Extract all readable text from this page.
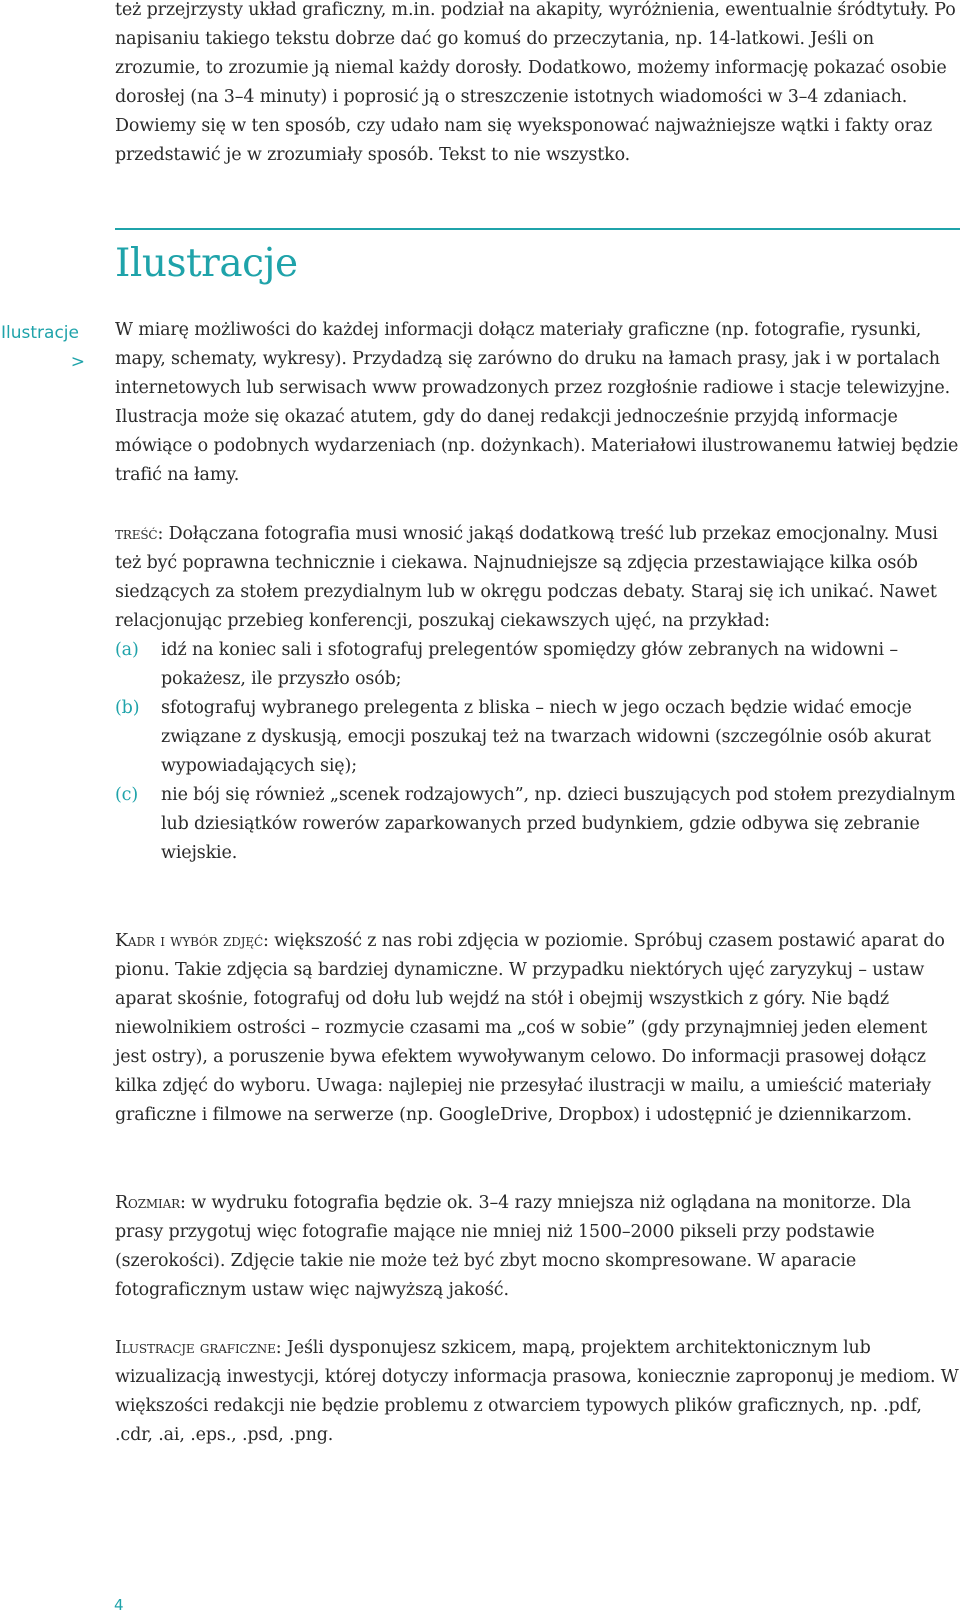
też przejrzysty układ graficzny, m.in. podział na akapity, wyróżnienia, ewentualnie śródtytuły. Po napisaniu takiego tekstu dobrze dać go komuś do przeczytania, np. 14-latkowi. Jeśli on zrozumie, to zrozumie ją niemal każdy dorosły. Dodatkowo, możemy informację pokazać osobie dorosłej (na 3–4 minuty) i poprosić ją o streszczenie istotnych wiadomości w 3–4 zdaniach. Dowiemy się w ten sposób, czy udało nam się wyeksponować najważniejsze wątki i fakty oraz przedstawić je w zrozumiały sposób. Tekst to nie wszystko.

Ilustracje
Ilustracje
>

W miarę możliwości do każdej informacji dołącz materiały graficzne (np. fotografie, rysunki, mapy, schematy, wykresy). Przydadzą się zarówno do druku na łamach prasy, jak i w portalach internetowych lub serwisach www prowadzonych przez rozgłośnie radiowe i stacje telewizyjne. Ilustracja może się okazać atutem, gdy do danej redakcji jednocześnie przyjdą informacje mówiące o podobnych wydarzeniach (np. dożynkach). Materiałowi ilustrowanemu łatwiej będzie trafić na łamy.

treść: Dołączana fotografia musi wnosić jakąś dodatkową treść lub przekaz emocjonalny. Musi też być poprawna technicznie i ciekawa. Najnudniejsze są zdjęcia przestawiające kilka osób siedzących za stołem prezydialnym lub w okręgu podczas debaty. Staraj się ich unikać. Nawet relacjonując przebieg konferencji, poszukaj ciekawszych ujęć, na przykład:

(a) idź na koniec sali i sfotografuj prelegentów spomiędzy głów zebranych na widowni – pokażesz, ile przyszło osób;
(b) sfotografuj wybranego prelegenta z bliska – niech w jego oczach będzie widać emocje związane z dyskusją, emocji poszukaj też na twarzach widowni (szczególnie osób akurat wypowiadających się);
(c) nie bój się również „scenek rodzajowych”, np. dzieci buszujących pod stołem prezydialnym lub dziesiątków rowerów zaparkowanych przed budynkiem, gdzie odbywa się zebranie wiejskie.

Kadr i wybór zdjęć: większość z nas robi zdjęcia w poziomie. Spróbuj czasem postawić aparat do pionu. Takie zdjęcia są bardziej dynamiczne. W przypadku niektórych ujęć zaryzykuj – ustaw aparat skośnie, fotografuj od dołu lub wejdź na stół i obejmij wszystkich z góry. Nie bądź niewolnikiem ostrości – rozmycie czasami ma „coś w sobie” (gdy przynajmniej jeden element jest ostry), a poruszenie bywa efektem wywoływanym celowo. Do informacji prasowej dołącz kilka zdjęć do wyboru. Uwaga: najlepiej nie przesyłać ilustracji w mailu, a umieścić materiały graficzne i filmowe na serwerze (np. GoogleDrive, Dropbox) i udostępnić je dziennikarzom.

Rozmiar: w wydruku fotografia będzie ok. 3–4 razy mniejsza niż oglądana na monitorze. Dla prasy przygotuj więc fotografie mające nie mniej niż 1500–2000 pikseli przy podstawie (szerokości). Zdjęcie takie nie może też być zbyt mocno skompresowane. W aparacie fotograficznym ustaw więc najwyższą jakość.

Ilustracje graficzne: Jeśli dysponujesz szkicem, mapą, projektem architektonicznym lub wizualizacją inwestycji, której dotyczy informacja prasowa, koniecznie zaproponuj je mediom. W większości redakcji nie będzie problemu z otwarciem typowych plików graficznych, np. .pdf, .cdr, .ai, .eps., .psd, .png.

4
